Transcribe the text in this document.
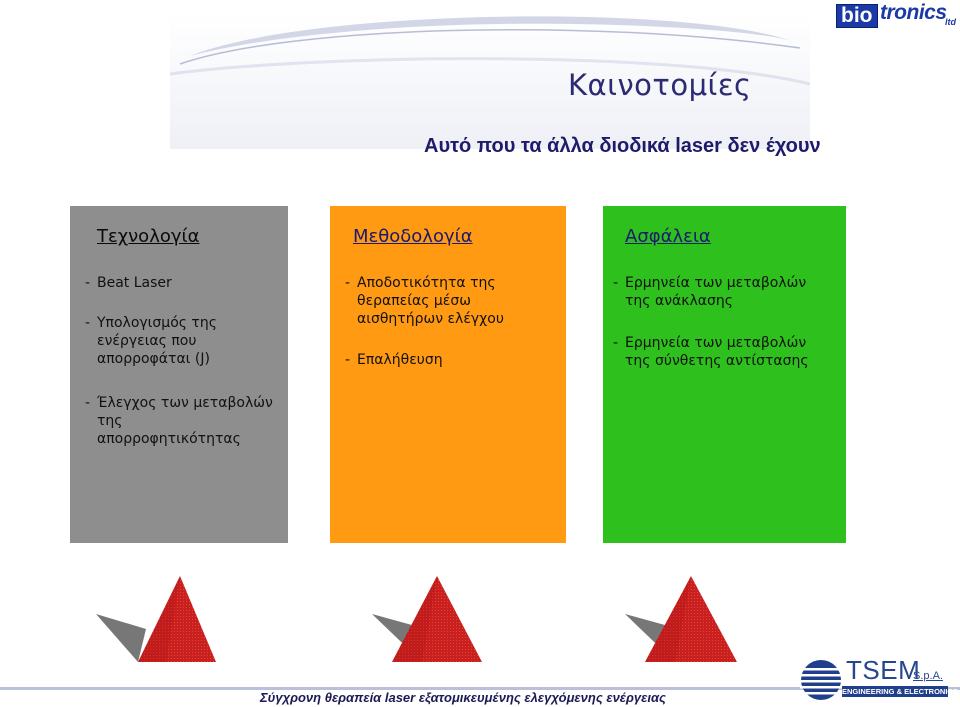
Καινοτομίες
Αυτό που τα άλλα διοδικά laser δεν έχουν
bio tronics
ltd
Τεχνολογία
- Beat Laser
- Υπολογισμός της
ενέργειας που
απορροφάται (J)
- Έλεγχος των μεταβολών
της
απορροφητικότητας
Μεθοδολογία
- Αποδοτικότητα της
θεραπείας μέσω
αισθητήρων ελέγχου
- Επαλήθευση
Ασφάλεια
- Ερμηνεία των μεταβολών
της ανάκλασης
- Ερμηνεία των μεταβολών
της σύνθετης αντίστασης
Σύγχρονη θεραπεία laser εξατομικευμένης ελεγχόμενης ενέργειας
TSEM
S.p.A.
ENGINEERING & ELECTRONICS
